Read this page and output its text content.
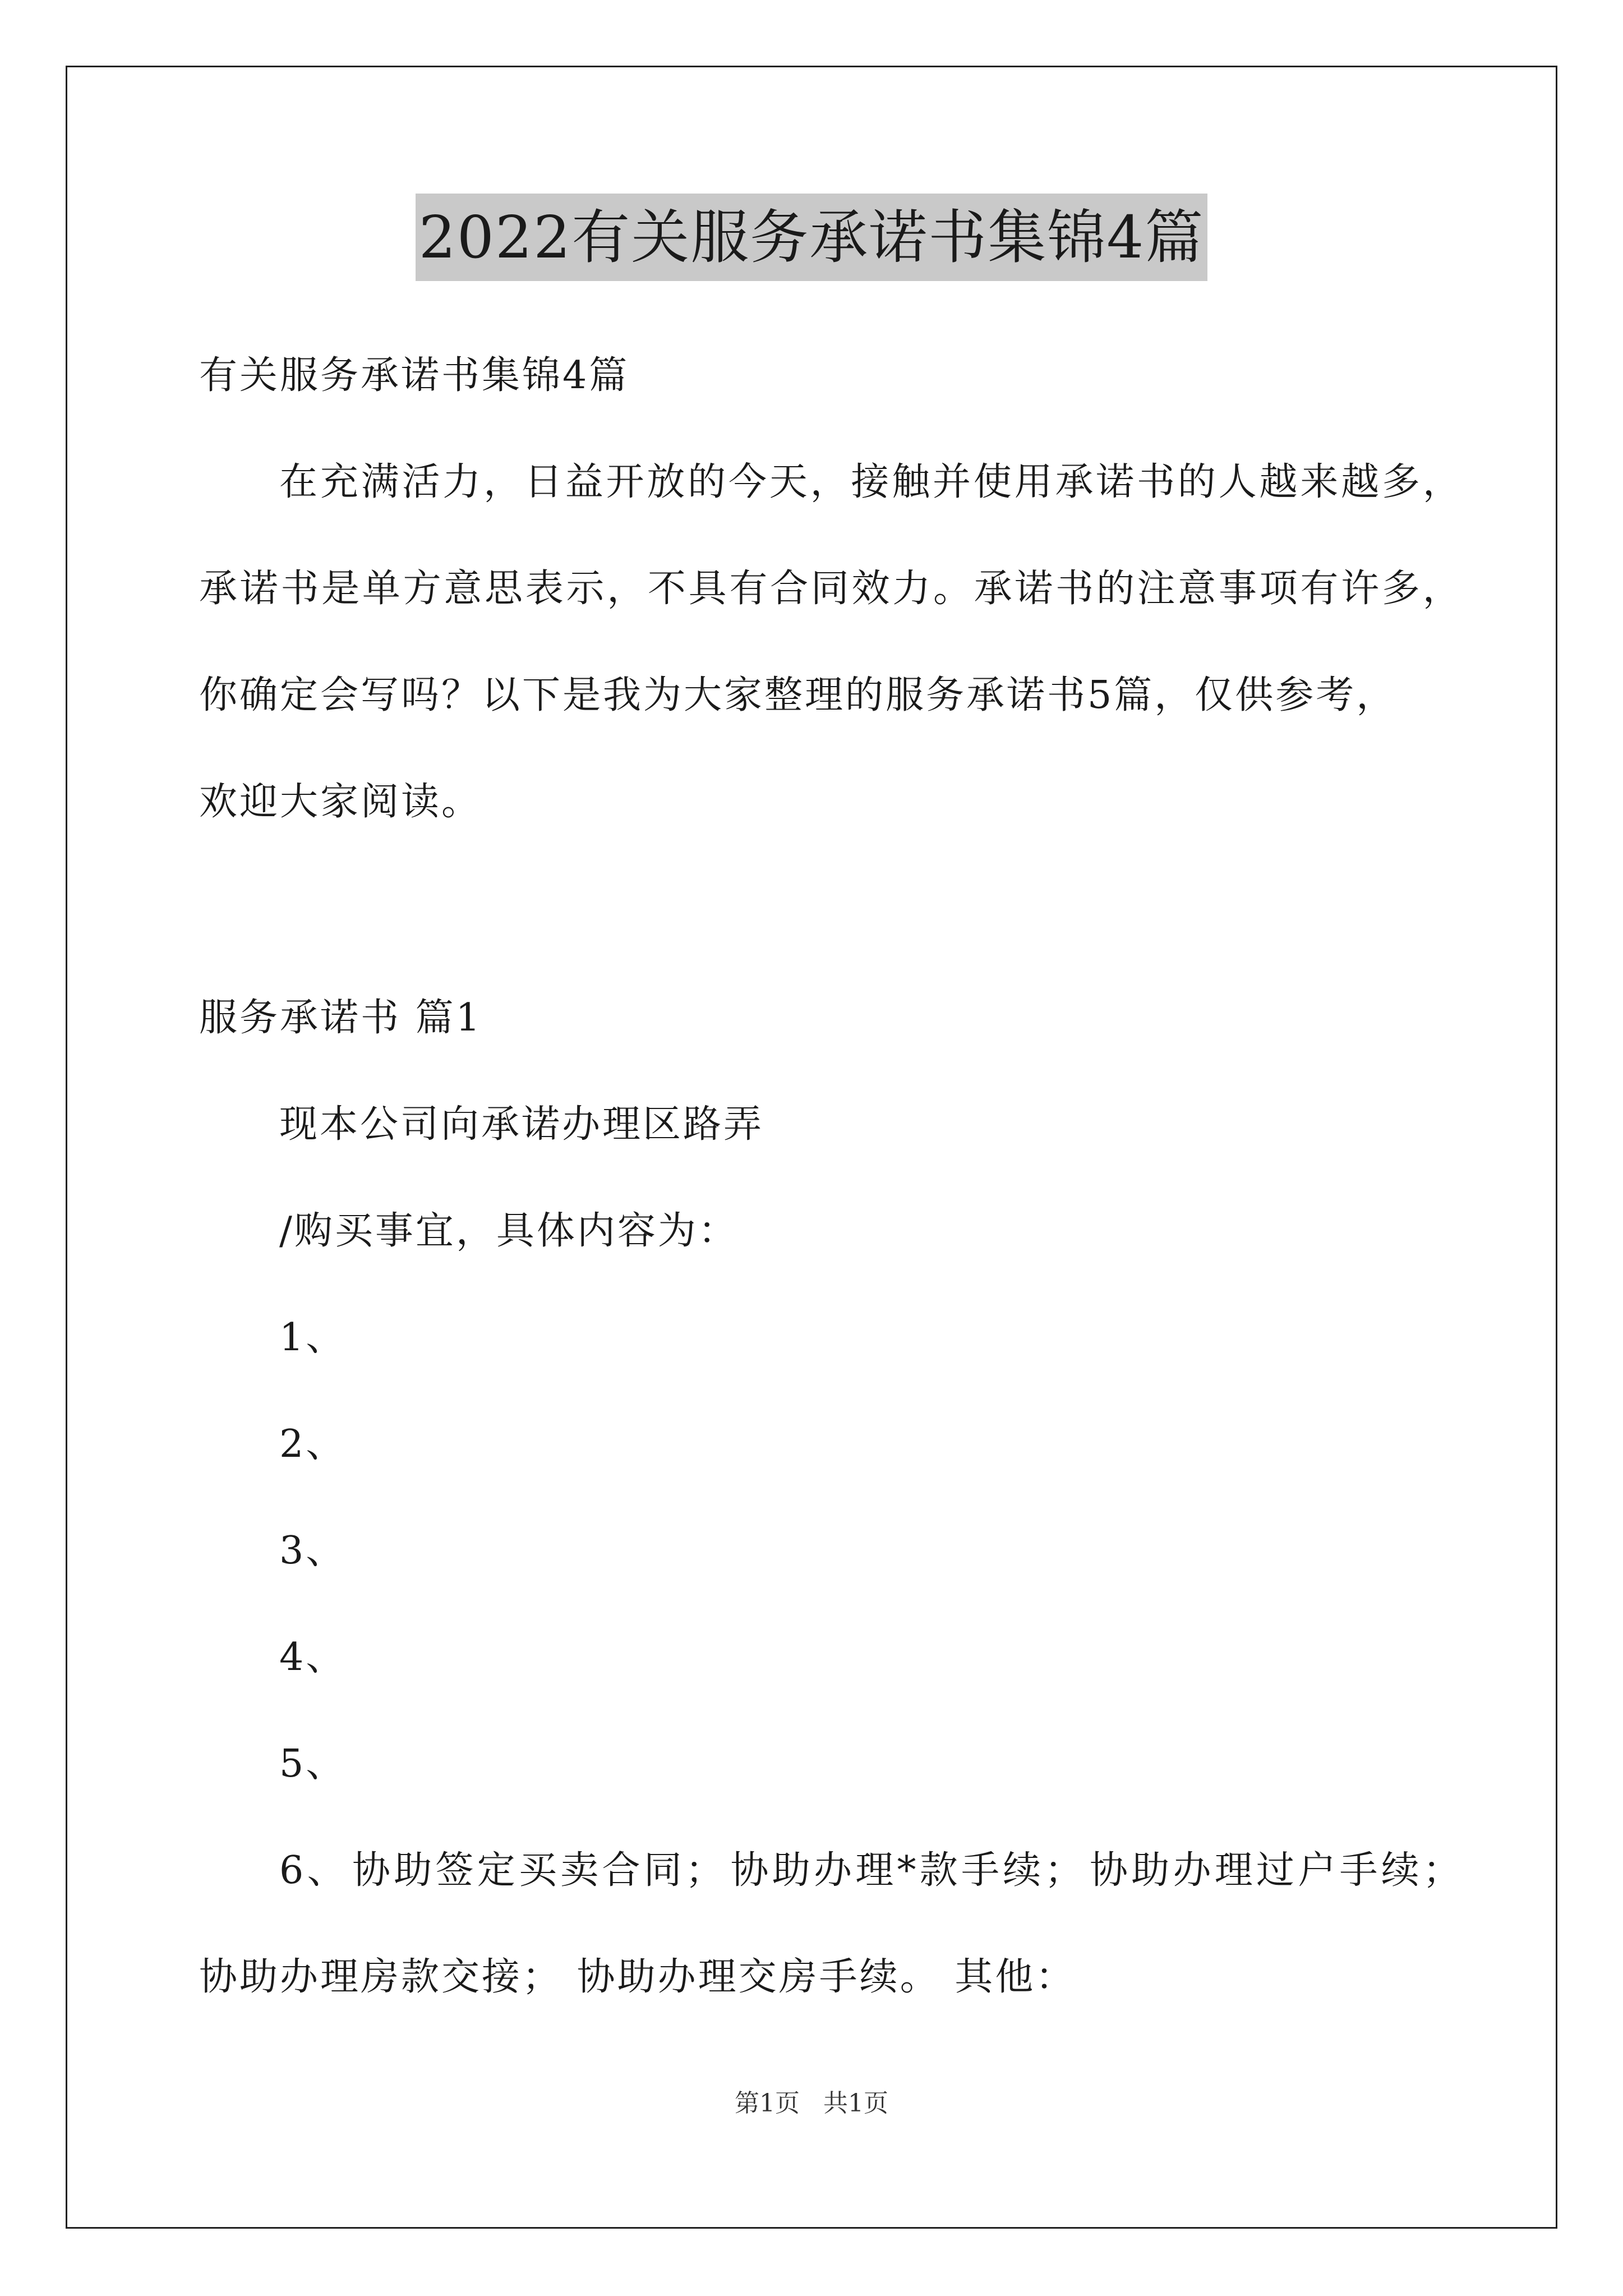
2022有关服务承诺书集锦4篇
有关服务承诺书集锦4篇
在 充 满 活 力 ， 日 益 开 放 的 今 天 ， 接 触 并 使 用 承 诺 书 的 人 越 来 越 多 ，
承 诺 书 是 单 方 意 思 表 示 ， 不 具 有 合 同 效 力 。 承 诺 书 的 注 意 事 项 有 许 多 ，
你确定会写吗？以下是我为大家整理的服务承诺书5篇，仅供参考，
欢迎大家阅读。
服务承诺书 篇1
现本公司向承诺办理区路弄
/购买事宜，具体内容为：
1、
2、
3、
4、
5、
6 、 协 助 签 定 买 卖 合 同 ； 协 助 办 理 * 款 手 续 ； 协 助 办 理 过 户 手 续 ；
协助办理房款交接； 协助办理交房手续。 其他：
第1页   共1页
